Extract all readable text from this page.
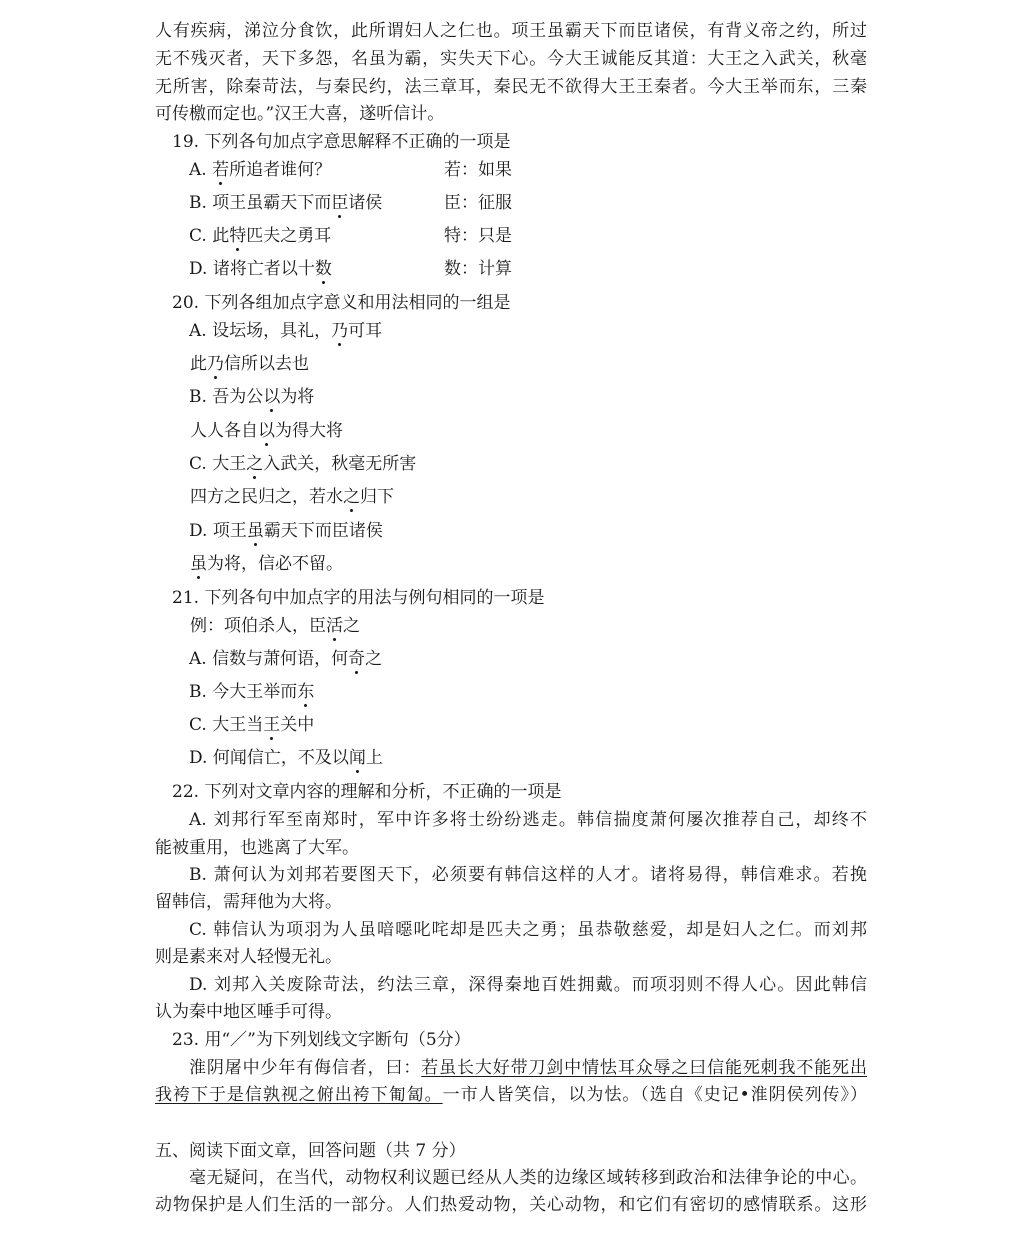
人有疾病，涕泣分食饮，此所谓妇人之仁也。项王虽霸天下而臣诸侯，有背义帝之约，所过
无不残灭者，天下多怨，名虽为霸，实失天下心。今大王诚能反其道：大王之入武关，秋毫
无所害，除秦苛法，与秦民约，法三章耳，秦民无不欲得大王王秦者。今大王举而东，三秦
可传檄而定也。”汉王大喜，遂听信计。
19. 下列各句加点字意思解释不正确的一项是
A. 若所追者谁何？	若：如果
B. 项王虽霸天下而臣诸侯	臣：征服
C. 此特匹夫之勇耳	特：只是
D. 诸将亡者以十数	数：计算
20. 下列各组加点字意义和用法相同的一组是
A. 设坛场，具礼，乃可耳
此乃信所以去也
B. 吾为公以为将
人人各自以为得大将
C. 大王之入武关，秋毫无所害
四方之民归之，若水之归下
D. 项王虽霸天下而臣诸侯
虽为将，信必不留。
21. 下列各句中加点字的用法与例句相同的一项是
例：项伯杀人，臣活之
A. 信数与萧何语，何奇之
B. 今大王举而东
C. 大王当王关中
D. 何闻信亡，不及以闻上
22. 下列对文章内容的理解和分析，不正确的一项是
A. 刘邦行军至南郑时，军中许多将士纷纷逃走。韩信揣度萧何屡次推荐自己，却终不
能被重用，也逃离了大军。
B. 萧何认为刘邦若要图天下，必须要有韩信这样的人才。诸将易得，韩信难求。若挽
留韩信，需拜他为大将。
C. 韩信认为项羽为人虽喑噁叱咤却是匹夫之勇；虽恭敬慈爱，却是妇人之仁。而刘邦
则是素来对人轻慢无礼。
D. 刘邦入关废除苛法，约法三章，深得秦地百姓拥戴。而项羽则不得人心。因此韩信
认为秦中地区唾手可得。
23. 用“／”为下列划线文字断句（5分）
淮阴屠中少年有侮信者，曰：若虽长大好带刀剑中情怯耳众辱之曰信能死刺我不能死出
我袴下于是信孰视之俯出袴下匍匐。一市人皆笑信，以为怯。（选自《史记•淮阴侯列传》）
五、阅读下面文章，回答问题（共 7 分）
毫无疑问，在当代，动物权利议题已经从人类的边缘区域转移到政治和法律争论的中心。
动物保护是人们生活的一部分。人们热爱动物，关心动物，和它们有密切的感情联系。这形
